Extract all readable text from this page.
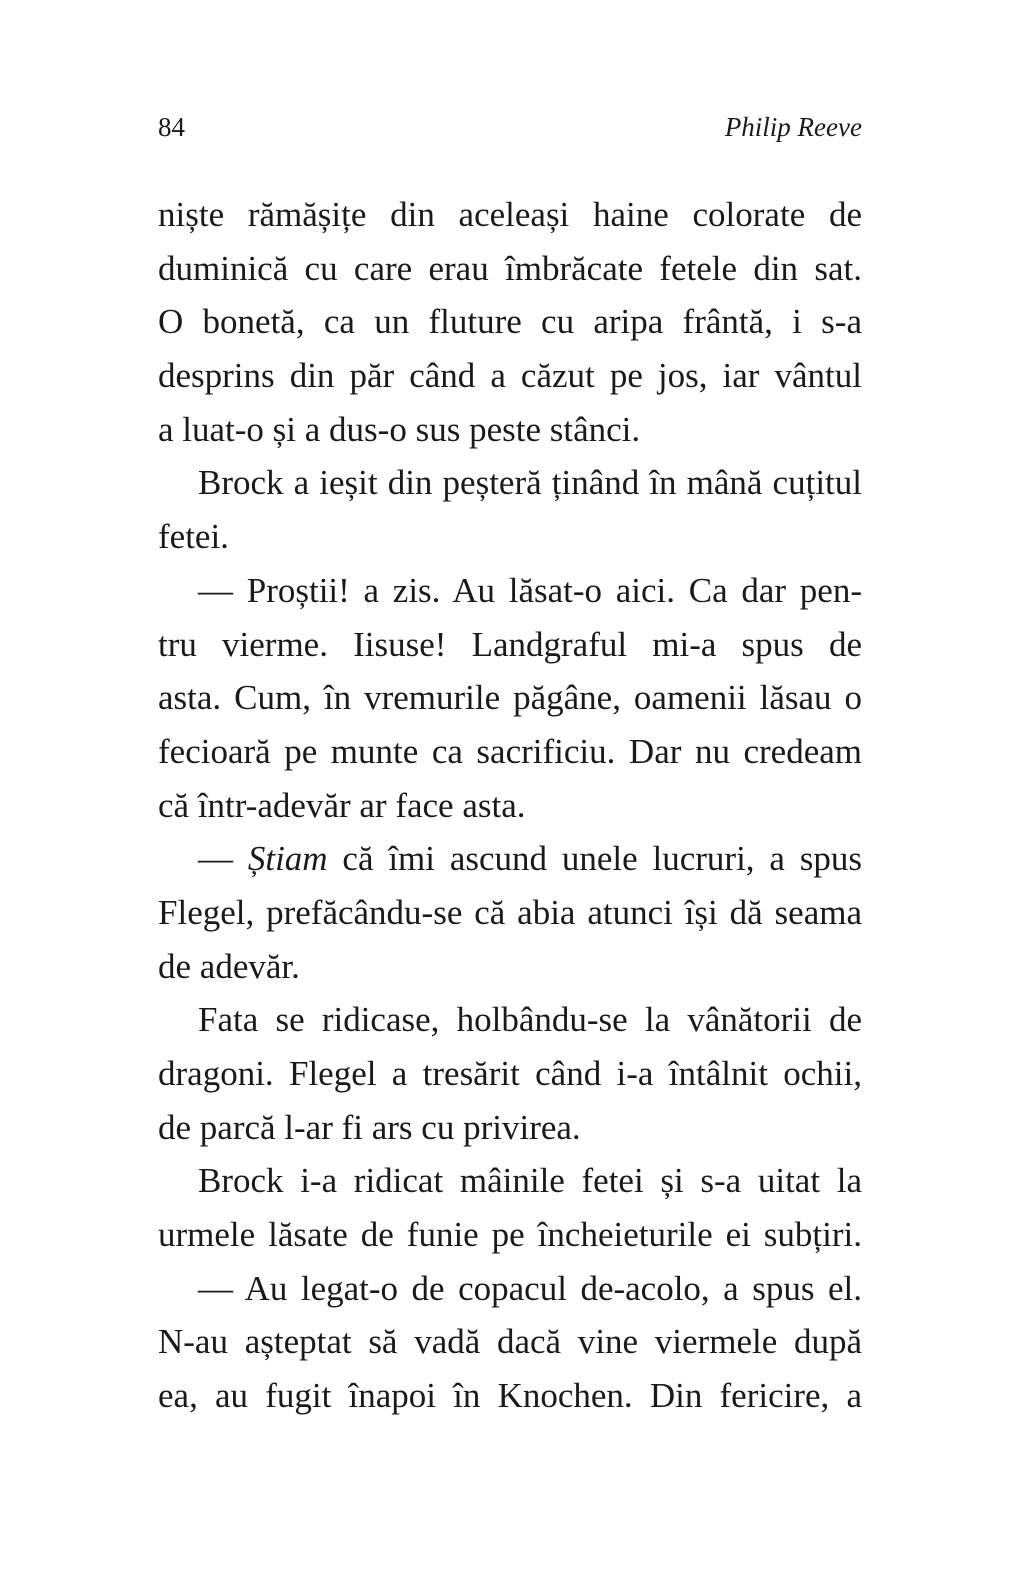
84	Philip Reeve
niște rămășițe din aceleași haine colorate de
duminică cu care erau îmbrăcate fetele din sat.
O bonetă, ca un fluture cu aripa frântă, i s-a
desprins din păr când a căzut pe jos, iar vântul
a luat-o și a dus-o sus peste stânci.
Brock a ieșit din peșteră ținând în mână cuțitul
fetei.
— Proștii! a zis. Au lăsat-o aici. Ca dar pen-
tru vierme. Iisuse! Landgraful mi-a spus de
asta. Cum, în vremurile păgâne, oamenii lăsau o
fecioară pe munte ca sacrificiu. Dar nu credeam
că într-adevăr ar face asta.
— Știam că îmi ascund unele lucruri, a spus
Flegel, prefăcându-se că abia atunci își dă seama
de adevăr.
Fata se ridicase, holbându-se la vânătorii de
dragoni. Flegel a tresărit când i-a întâlnit ochii,
de parcă l-ar fi ars cu privirea.
Brock i-a ridicat mâinile fetei și s-a uitat la
urmele lăsate de funie pe încheieturile ei subțiri.
— Au legat-o de copacul de-acolo, a spus el.
N-au așteptat să vadă dacă vine viermele după
ea, au fugit înapoi în Knochen. Din fericire, a
